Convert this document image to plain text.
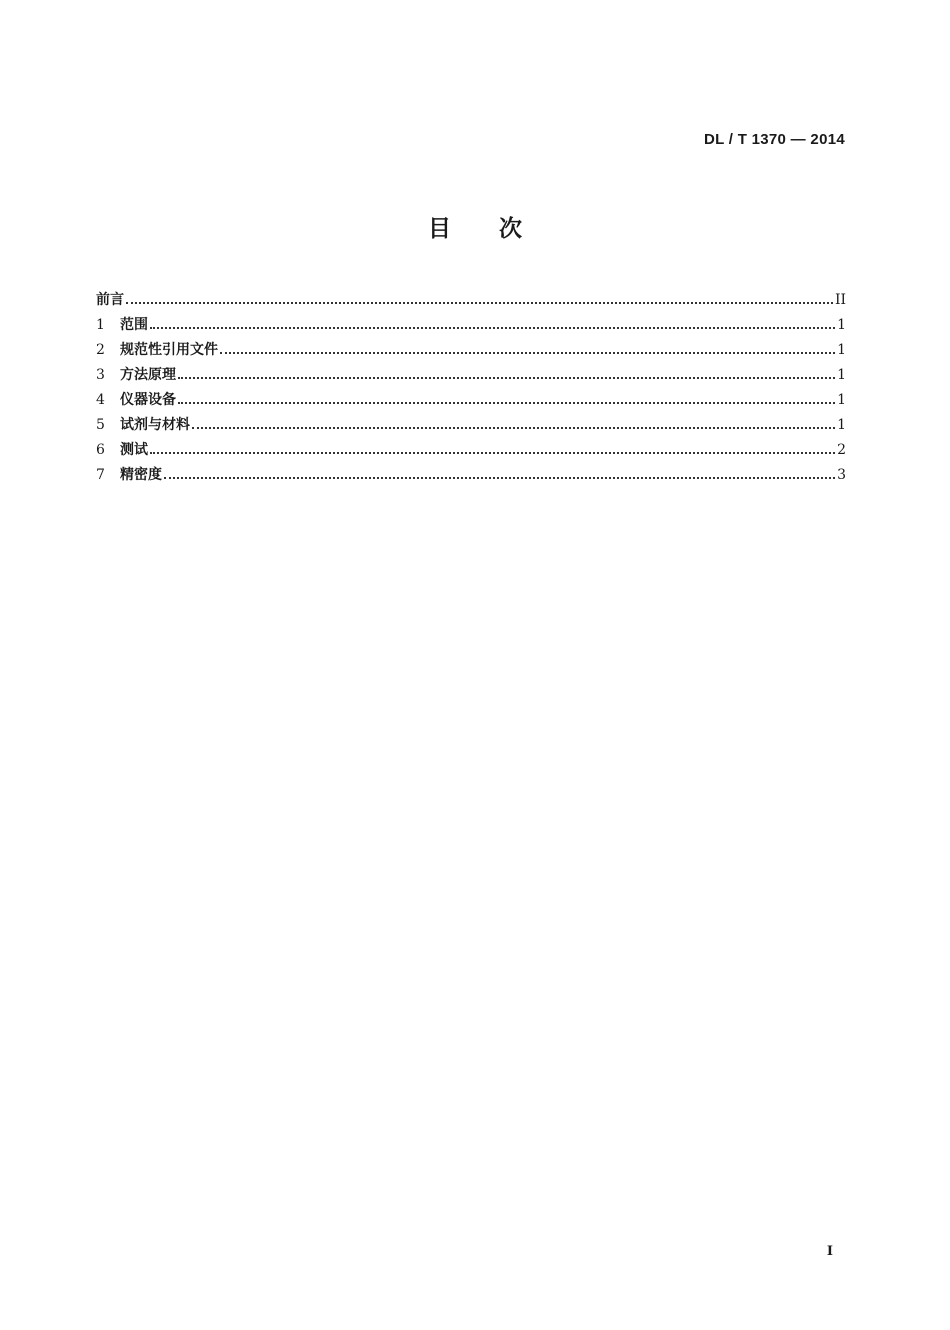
DL / T 1370 — 2014
目次
前言	II
1	范围	1
2	规范性引用文件	1
3	方法原理	1
4	仪器设备	1
5	试剂与材料	1
6	测试	2
7	精密度	3
I
